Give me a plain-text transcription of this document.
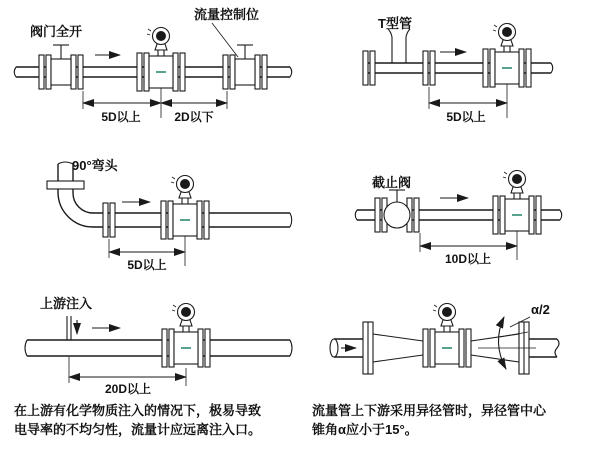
阀门全开
流量控制位
5D以上	2D以下
T型管
5D以上
90°弯头
5D以上
截止阀
10D以上
上游注入
20D以上
α/2
在上游有化学物质注入的情况下，极易导致
电导率的不均匀性，流量计应远离注入口。
流量管上下游采用异径管时，异径管中心
锥角α应小于15°。
